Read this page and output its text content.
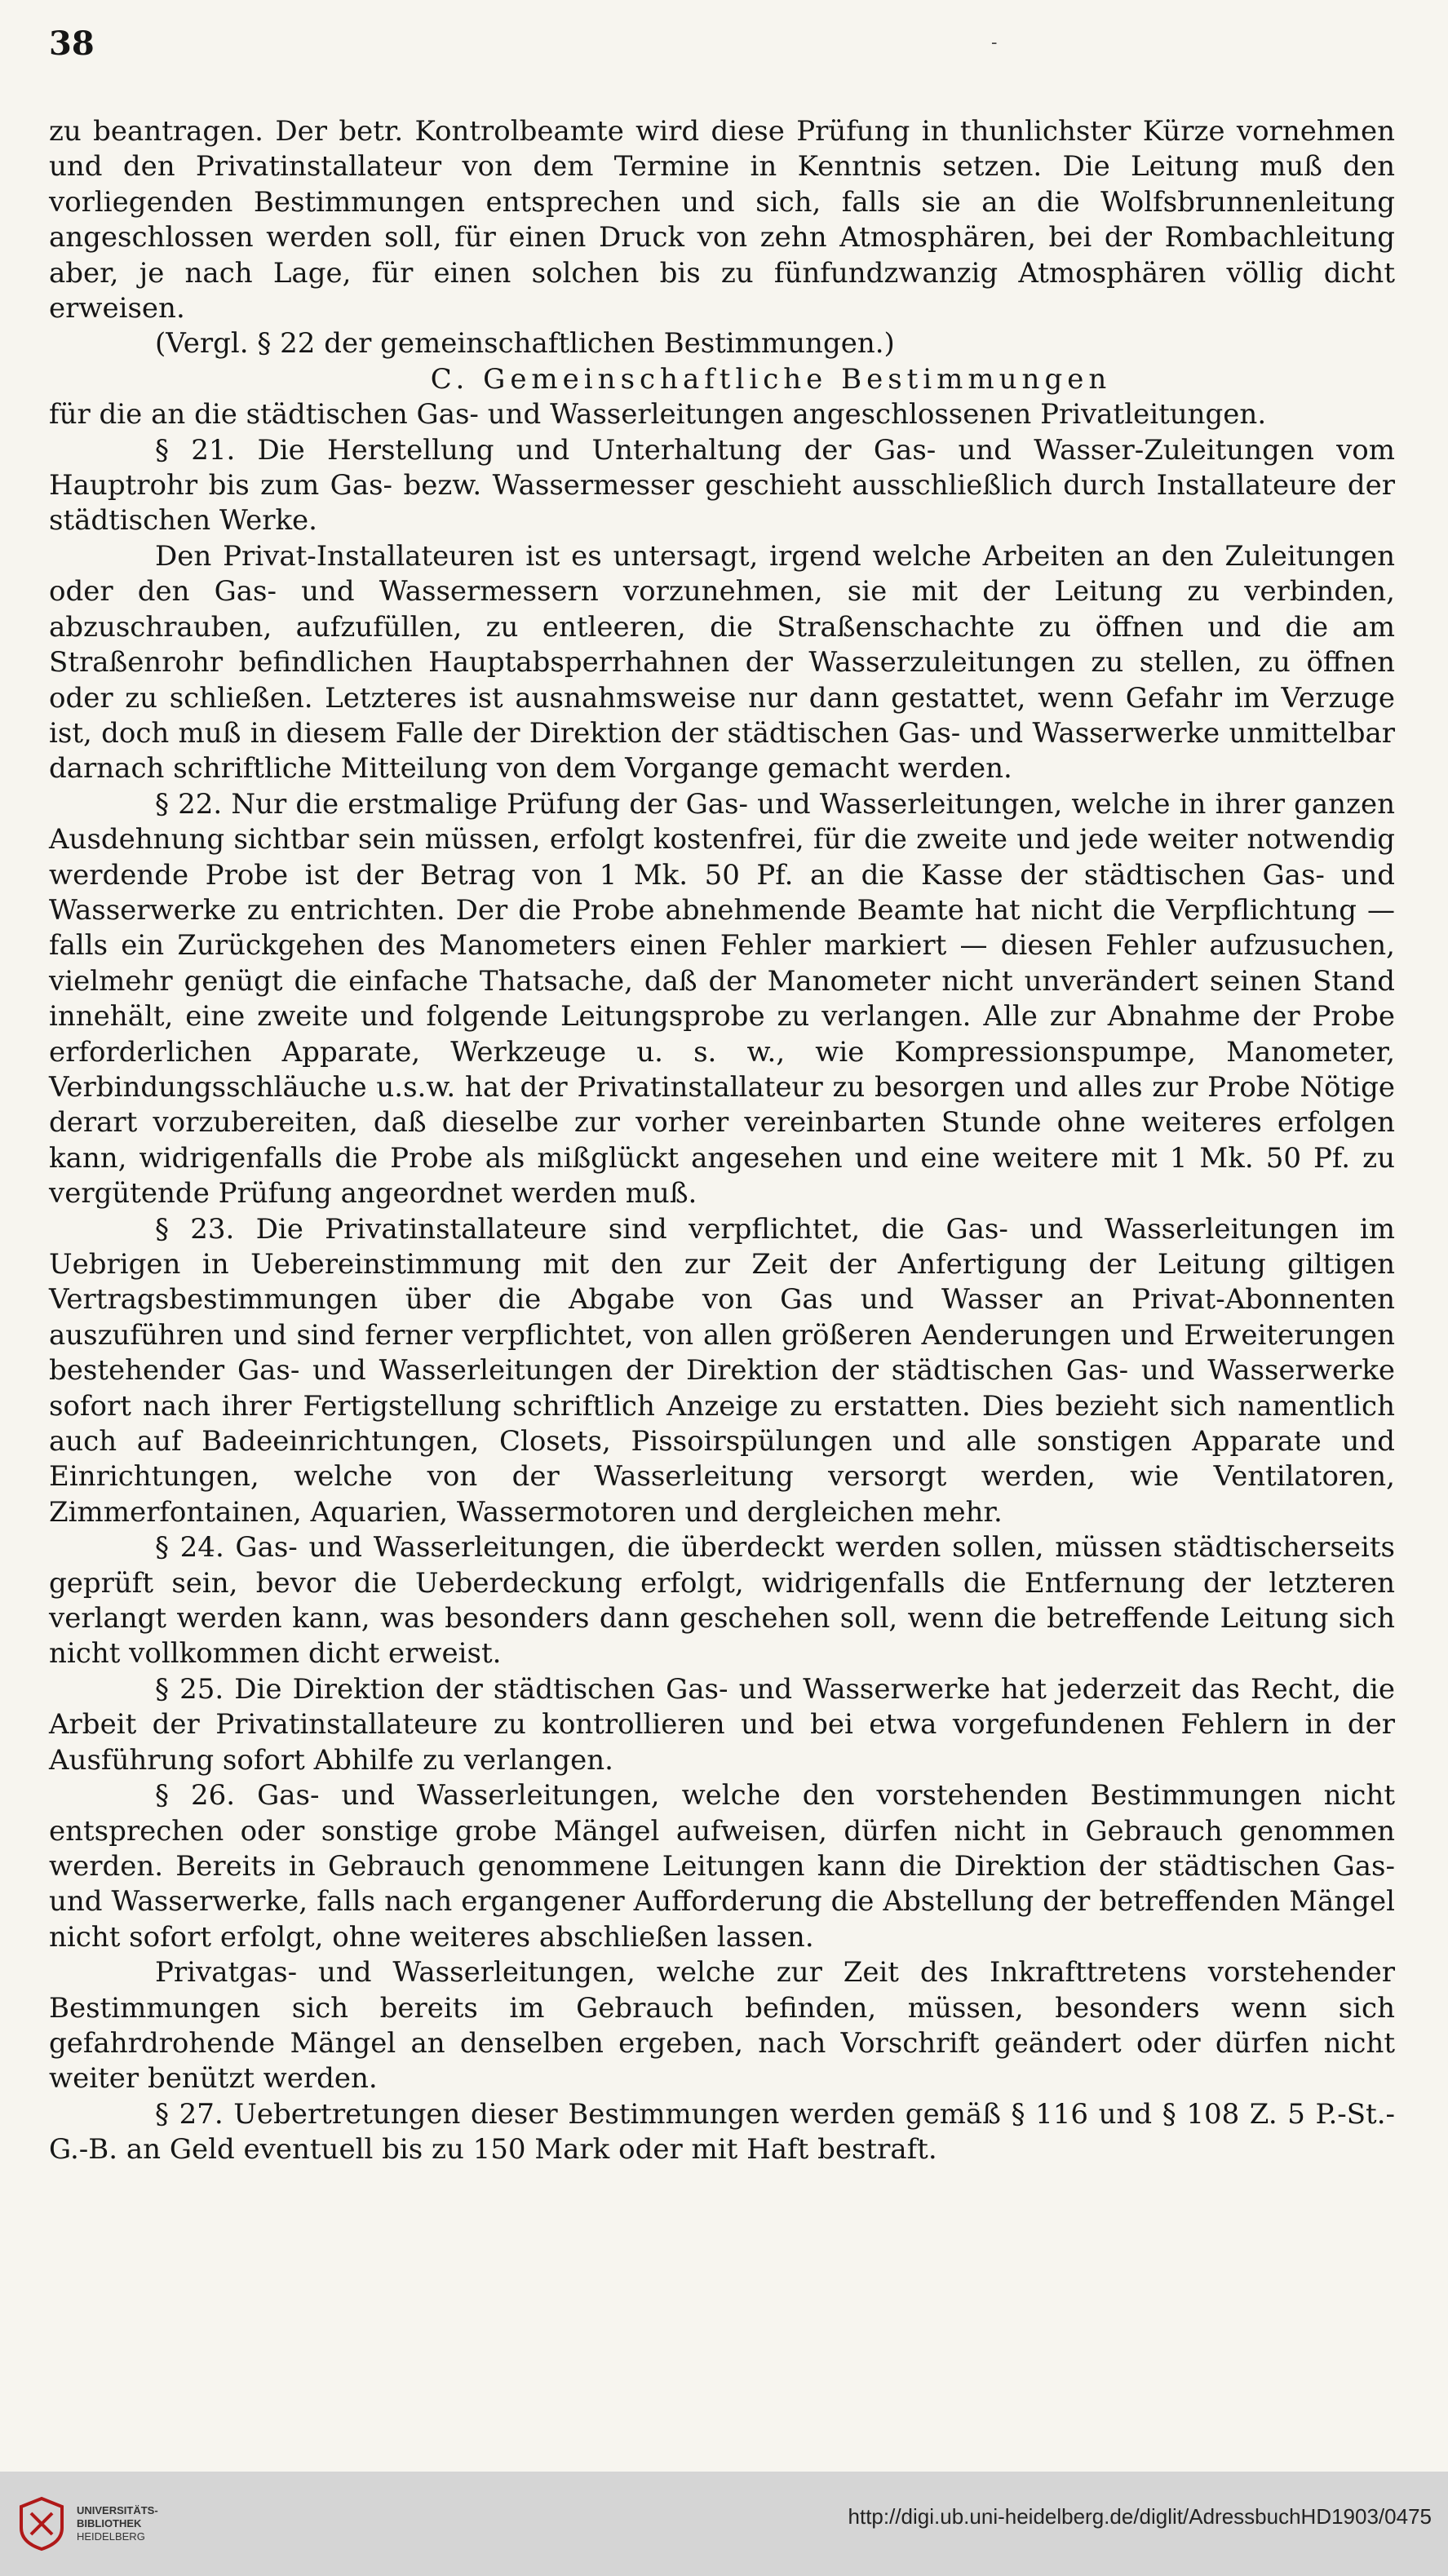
38	-

zu beantragen. Der betr. Kontrolbeamte wird diese Prüfung in thunlichster Kürze vornehmen und den Privatinstallateur von dem Termine in Kenntnis setzen. Die Leitung muß den vorliegenden Bestimmungen entsprechen und sich, falls sie an die Wolfsbrunnenleitung angeschlossen werden soll, für einen Druck von zehn Atmosphären, bei der Rombachleitung aber, je nach Lage, für einen solchen bis zu fünfundzwanzig Atmosphären völlig dicht erweisen.

(Vergl. § 22 der gemeinschaftlichen Bestimmungen.)

C. Gemeinschaftliche Bestimmungen

für die an die städtischen Gas- und Wasserleitungen angeschlossenen Privatleitungen.

§ 21. Die Herstellung und Unterhaltung der Gas- und Wasser-Zuleitungen vom Hauptrohr bis zum Gas- bezw. Wassermesser geschieht ausschließlich durch Installateure der städtischen Werke.

Den Privat-Installateuren ist es untersagt, irgend welche Arbeiten an den Zuleitungen oder den Gas- und Wassermessern vorzunehmen, sie mit der Leitung zu verbinden, abzuschrauben, aufzufüllen, zu entleeren, die Straßenschachte zu öffnen und die am Straßenrohr befindlichen Hauptabsperrhahnen der Wasserzuleitungen zu stellen, zu öffnen oder zu schließen. Letzteres ist ausnahmsweise nur dann gestattet, wenn Gefahr im Verzuge ist, doch muß in diesem Falle der Direktion der städtischen Gas- und Wasserwerke unmittelbar darnach schriftliche Mitteilung von dem Vorgange gemacht werden.

§ 22. Nur die erstmalige Prüfung der Gas- und Wasserleitungen, welche in ihrer ganzen Ausdehnung sichtbar sein müssen, erfolgt kostenfrei, für die zweite und jede weiter notwendig werdende Probe ist der Betrag von 1 Mk. 50 Pf. an die Kasse der städtischen Gas- und Wasserwerke zu entrichten. Der die Probe abnehmende Beamte hat nicht die Verpflichtung — falls ein Zurückgehen des Manometers einen Fehler markiert — diesen Fehler aufzusuchen, vielmehr genügt die einfache Thatsache, daß der Manometer nicht unverändert seinen Stand innehält, eine zweite und folgende Leitungsprobe zu verlangen. Alle zur Abnahme der Probe erforderlichen Apparate, Werkzeuge u. s. w., wie Kompressionspumpe, Manometer, Verbindungsschläuche u.s.w. hat der Privatinstallateur zu besorgen und alles zur Probe Nötige derart vorzubereiten, daß dieselbe zur vorher vereinbarten Stunde ohne weiteres erfolgen kann, widrigenfalls die Probe als mißglückt angesehen und eine weitere mit 1 Mk. 50 Pf. zu vergütende Prüfung angeordnet werden muß.

§ 23. Die Privatinstallateure sind verpflichtet, die Gas- und Wasserleitungen im Uebrigen in Uebereinstimmung mit den zur Zeit der Anfertigung der Leitung giltigen Vertragsbestimmungen über die Abgabe von Gas und Wasser an Privat-Abonnenten auszuführen und sind ferner verpflichtet, von allen größeren Aenderungen und Erweiterungen bestehender Gas- und Wasserleitungen der Direktion der städtischen Gas- und Wasserwerke sofort nach ihrer Fertigstellung schriftlich Anzeige zu erstatten. Dies bezieht sich namentlich auch auf Badeeinrichtungen, Closets, Pissoirspülungen und alle sonstigen Apparate und Einrichtungen, welche von der Wasserleitung versorgt werden, wie Ventilatoren, Zimmerfontainen, Aquarien, Wassermotoren und dergleichen mehr.

§ 24. Gas- und Wasserleitungen, die überdeckt werden sollen, müssen städtischerseits geprüft sein, bevor die Ueberdeckung erfolgt, widrigenfalls die Entfernung der letzteren verlangt werden kann, was besonders dann geschehen soll, wenn die betreffende Leitung sich nicht vollkommen dicht erweist.

§ 25. Die Direktion der städtischen Gas- und Wasserwerke hat jederzeit das Recht, die Arbeit der Privatinstallateure zu kontrollieren und bei etwa vorgefundenen Fehlern in der Ausführung sofort Abhilfe zu verlangen.

§ 26. Gas- und Wasserleitungen, welche den vorstehenden Bestimmungen nicht entsprechen oder sonstige grobe Mängel aufweisen, dürfen nicht in Gebrauch genommen werden. Bereits in Gebrauch genommene Leitungen kann die Direktion der städtischen Gas- und Wasserwerke, falls nach ergangener Aufforderung die Abstellung der betreffenden Mängel nicht sofort erfolgt, ohne weiteres abschließen lassen.

Privatgas- und Wasserleitungen, welche zur Zeit des Inkrafttretens vorstehender Bestimmungen sich bereits im Gebrauch befinden, müssen, besonders wenn sich gefahrdrohende Mängel an denselben ergeben, nach Vorschrift geändert oder dürfen nicht weiter benützt werden.

§ 27. Uebertretungen dieser Bestimmungen werden gemäß § 116 und § 108 Z. 5 P.-St.-G.-B. an Geld eventuell bis zu 150 Mark oder mit Haft bestraft.

UNIVERSITÄTS-
BIBLIOTHEK
HEIDELBERG
http://digi.ub.uni-heidelberg.de/diglit/AdressbuchHD1903/0475
